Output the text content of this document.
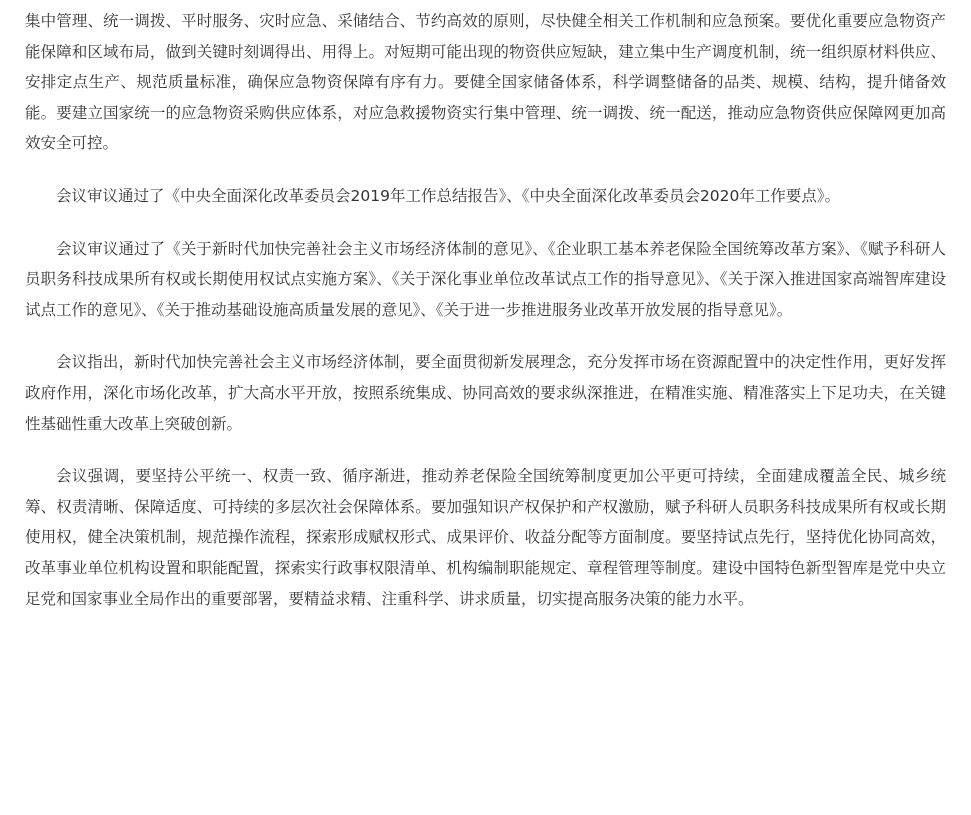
集中管理、统一调拨、平时服务、灾时应急、采储结合、节约高效的原则，尽快健全相关工作机制和应急预案。要优化重要应急物资产能保障和区域布局，做到关键时刻调得出、用得上。对短期可能出现的物资供应短缺，建立集中生产调度机制，统一组织原材料供应、安排定点生产、规范质量标准，确保应急物资保障有序有力。要健全国家储备体系，科学调整储备的品类、规模、结构，提升储备效能。要建立国家统一的应急物资采购供应体系，对应急救援物资实行集中管理、统一调拨、统一配送，推动应急物资供应保障网更加高效安全可控。

会议审议通过了《中央全面深化改革委员会2019年工作总结报告》、《中央全面深化改革委员会2020年工作要点》。

会议审议通过了《关于新时代加快完善社会主义市场经济体制的意见》、《企业职工基本养老保险全国统筹改革方案》、《赋予科研人员职务科技成果所有权或长期使用权试点实施方案》、《关于深化事业单位改革试点工作的指导意见》、《关于深入推进国家高端智库建设试点工作的意见》、《关于推动基础设施高质量发展的意见》、《关于进一步推进服务业改革开放发展的指导意见》。

会议指出，新时代加快完善社会主义市场经济体制，要全面贯彻新发展理念，充分发挥市场在资源配置中的决定性作用，更好发挥政府作用，深化市场化改革，扩大高水平开放，按照系统集成、协同高效的要求纵深推进，在精准实施、精准落实上下足功夫，在关键性基础性重大改革上突破创新。

会议强调，要坚持公平统一、权责一致、循序渐进，推动养老保险全国统筹制度更加公平更可持续，全面建成覆盖全民、城乡统筹、权责清晰、保障适度、可持续的多层次社会保障体系。要加强知识产权保护和产权激励，赋予科研人员职务科技成果所有权或长期使用权，健全决策机制，规范操作流程，探索形成赋权形式、成果评价、收益分配等方面制度。要坚持试点先行，坚持优化协同高效，改革事业单位机构设置和职能配置，探索实行政事权限清单、机构编制职能规定、章程管理等制度。建设中国特色新型智库是党中央立足党和国家事业全局作出的重要部署，要精益求精、注重科学、讲求质量，切实提高服务决策的能力水平。
